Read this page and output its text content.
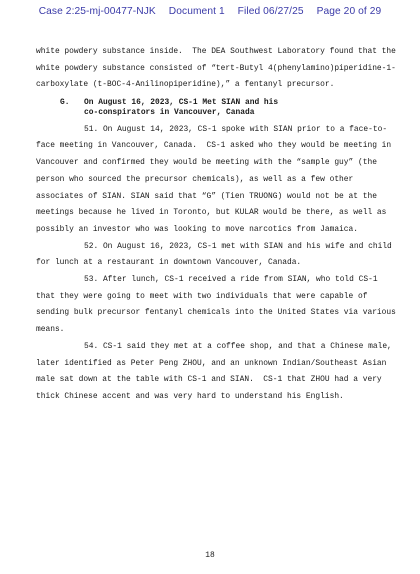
Case 2:25-mj-00477-NJK Document 1 Filed 06/27/25 Page 20 of 29

white powdery substance inside.  The DEA Southwest Laboratory found that the white powdery substance consisted of “tert-Butyl 4(phenylamino)piperidine-1-carboxylate (t-BOC-4-Anilinopiperidine),” a fentanyl precursor.

G.	On August 16, 2023, CS-1 Met SIAN and his co-conspirators in Vancouver, Canada

51. On August 14, 2023, CS-1 spoke with SIAN prior to a face-to-face meeting in Vancouver, Canada.  CS-1 asked who they would be meeting in Vancouver and confirmed they would be meeting with the “sample guy” (the person who sourced the precursor chemicals), as well as a few other associates of SIAN. SIAN said that “G” (Tien TRUONG) would not be at the meetings because he lived in Toronto, but KULAR would be there, as well as possibly an investor who was looking to move narcotics from Jamaica.

52. On August 16, 2023, CS-1 met with SIAN and his wife and child for lunch at a restaurant in downtown Vancouver, Canada.

53. After lunch, CS-1 received a ride from SIAN, who told CS-1 that they were going to meet with two individuals that were capable of sending bulk precursor fentanyl chemicals into the United States via various means.

54. CS-1 said they met at a coffee shop, and that a Chinese male, later identified as Peter Peng ZHOU, and an unknown Indian/Southeast Asian male sat down at the table with CS-1 and SIAN.  CS-1 that ZHOU had a very thick Chinese accent and was very hard to understand his English.

18
